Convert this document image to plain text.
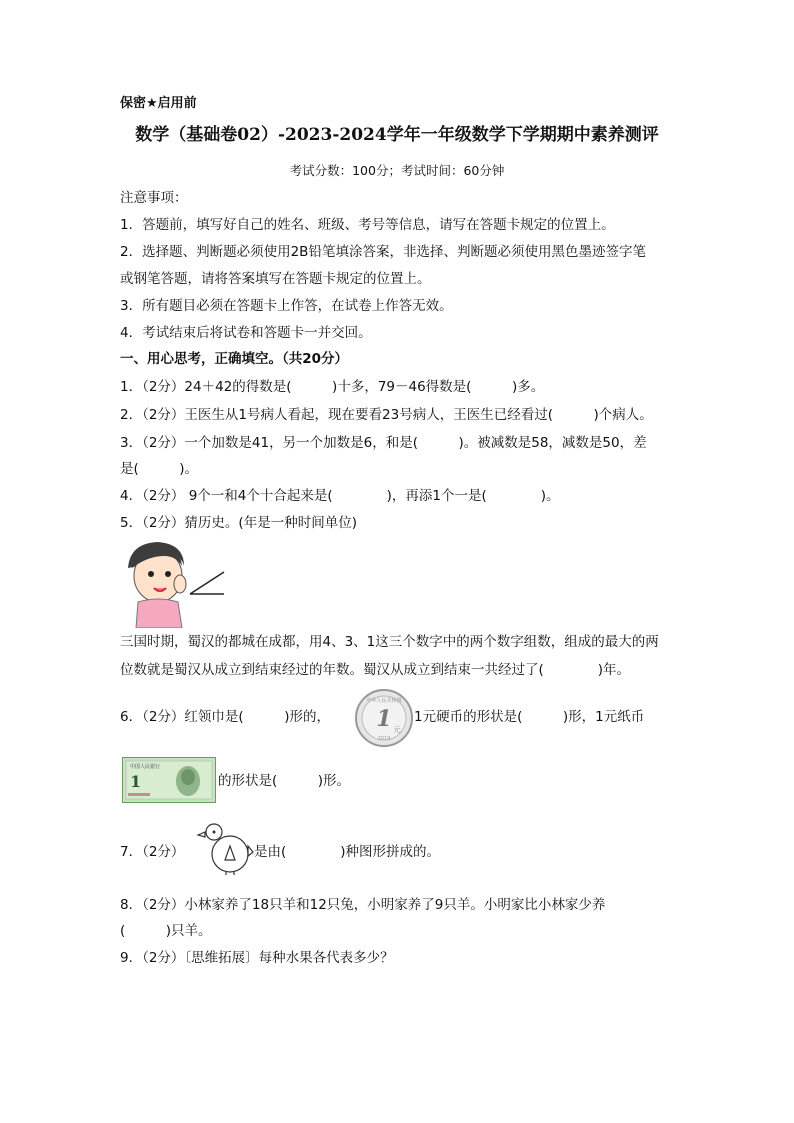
保密★启用前
数学（基础卷02）-2023-2024学年一年级数学下学期期中素养测评
考试分数：100分；考试时间：60分钟
注意事项：
1．答题前，填写好自己的姓名、班级、考号等信息，请写在答题卡规定的位置上。
2．选择题、判断题必须使用2B铅笔填涂答案，非选择、判断题必须使用黑色墨迹签字笔
或钢笔答题，请将答案填写在答题卡规定的位置上。
3．所有题目必须在答题卡上作答，在试卷上作答无效。
4．考试结束后将试卷和答题卡一并交回。
一、用心思考，正确填空。（共20分）
1．（2分）24＋42的得数是(　　　)十多，79－46得数是(　　　)多。
2．（2分）王医生从1号病人看起，现在要看23号病人，王医生已经看过(　　　)个病人。
3．（2分）一个加数是41，另一个加数是6，和是(　　　)。被减数是58，减数是50，差
是(　　　)。
4．（2分） 9个一和4个十合起来是(　　　　)，再添1个一是(　　　　)。
5．（2分）猜历史。(年是一种时间单位)
三国时期，蜀汉的都城在成都，用4、3、1这三个数字中的两个数字组数，组成的最大的两
位数就是蜀汉从成立到结束经过的年数。蜀汉从成立到结束一共经过了(　　　　)年。
6．（2分）红领巾是(　　　)形的，
中华人民共和国
1 元
2019
1元硬币的形状是(　　　)形，1元纸币
中国人民银行
1	的形状是(　　　)形。
7．（2分）	是由(　　　　)种图形拼成的。
8．（2分）小林家养了18只羊和12只兔，小明家养了9只羊。小明家比小林家少养
(　　　)只羊。
9．（2分）〔思维拓展〕每种水果各代表多少？
